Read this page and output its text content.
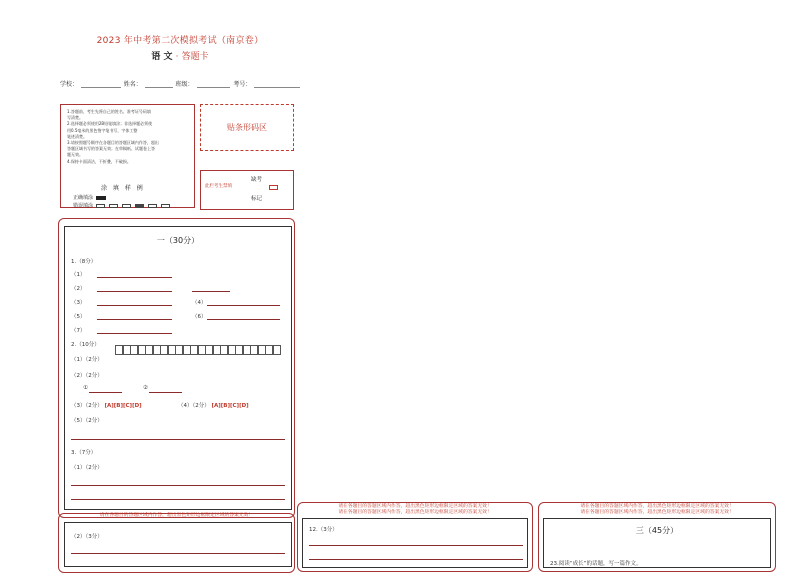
2023 年中考第二次模拟考试（南京卷）
语 文 · 答题卡
学校：	姓名：	班级：	考号：
1.答题前，考生先将自己的姓名、准考证号码填
写清楚。
2.选择题必须使用2B铅笔填涂；非选择题必须使
用0.5毫米的黑色签字笔书写，字体工整
笔迹清楚。
3.请按照题号顺序在各题目的答题区域内作答，超出
答题区域书写的答案无效；在草稿纸、试题卷上答
题无效。
4.保持卡面清洁，不折叠，不破损。
涂 填 样 例
正确填涂
错误填涂
贴条形码区
此栏考生禁填
缺考
标记
一（30分）
1.（8分）
（1）
（2）
（3）	（4）
（5）	（6）
（7）
2.（10分）
（1）（2分）
（2）（2分）
①	②
（3）（2分） [A][B][C][D]	（4）（2分） [A][B][C][D]
（5）（2分）
3.（7分）
（1）（2分）
请在各题目的答题区域内作答，超出黑色矩形边框限定区域的答案无效！
（2）（3分）
请在各题目的答题区域内作答，超出黑色矩形边框限定区域的答案无效！
请在各题目的答题区域内作答，超出黑色矩形边框限定区域的答案无效！
12.（3分）
请在各题目的答题区域内作答，超出黑色矩形边框限定区域的答案无效！
请在各题目的答题区域内作答，超出黑色矩形边框限定区域的答案无效！
三（45分）
23.阅读“成长”的话题，写一篇作文。
